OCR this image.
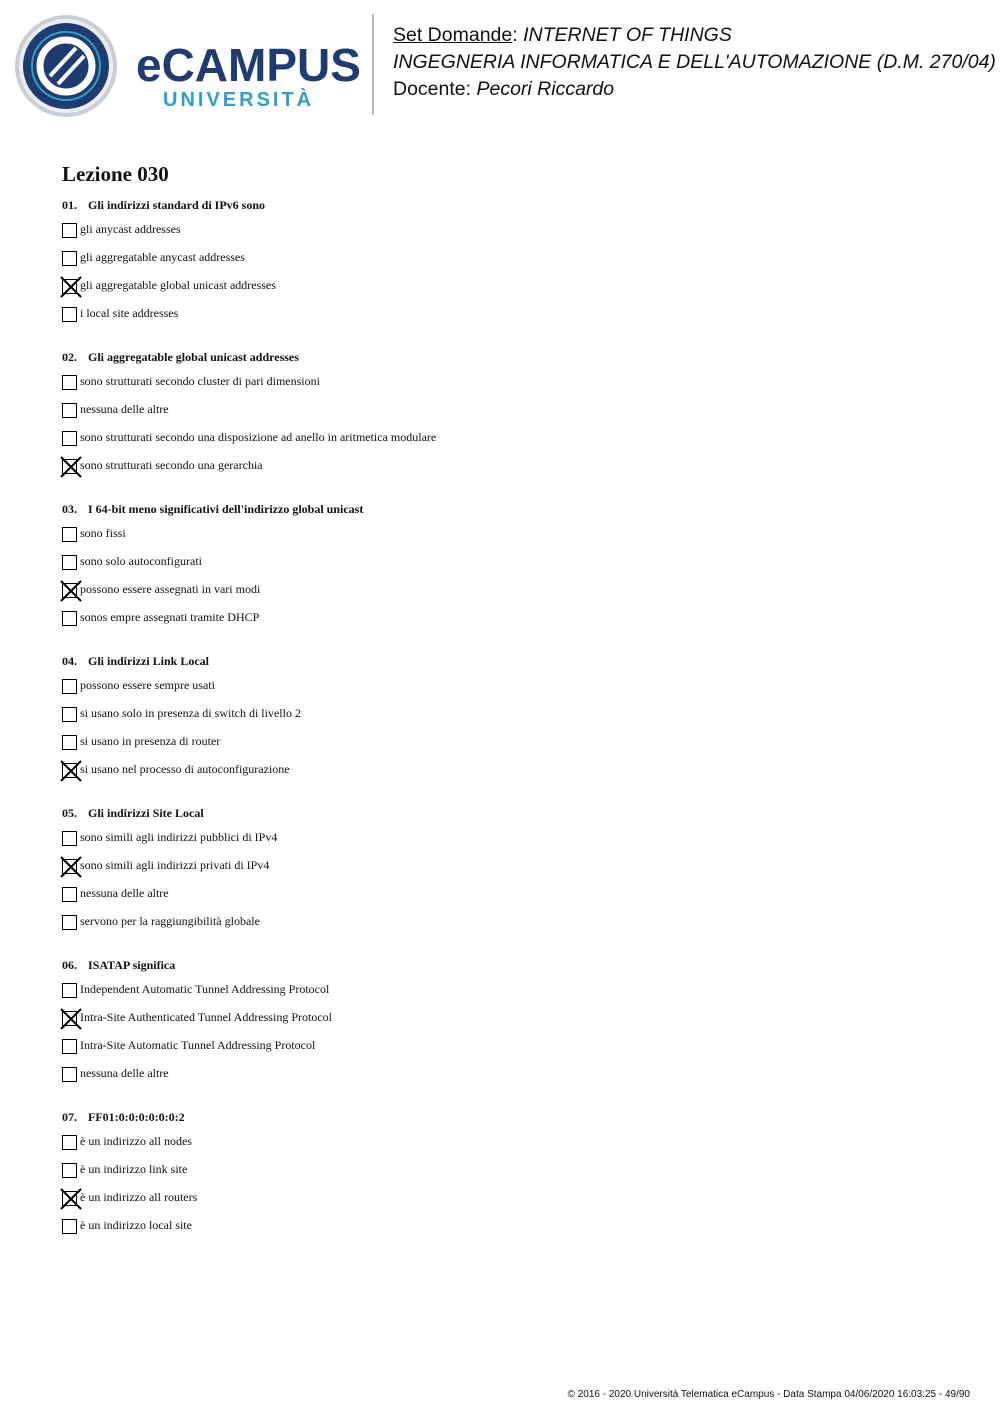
eCAMPUS
UNIVERSITÀ
Set Domande: INTERNET OF THINGS
INGEGNERIA INFORMATICA E DELL'AUTOMAZIONE (D.M. 270/04)
Docente: Pecori Riccardo
Lezione 030
01. Gli indirizzi standard di IPv6 sono
gli anycast addresses
gli aggregatable anycast addresses
gli aggregatable global unicast addresses
i local site addresses
02. Gli aggregatable global unicast addresses
sono strutturati secondo cluster di pari dimensioni
nessuna delle altre
sono strutturati secondo una disposizione ad anello in aritmetica modulare
sono strutturati secondo una gerarchia
03. I 64-bit meno significativi dell'indirizzo global unicast
sono fissi
sono solo autoconfigurati
possono essere assegnati in vari modi
sonos empre assegnati tramite DHCP
04. Gli indirizzi Link Local
possono essere sempre usati
si usano solo in presenza di switch di livello 2
si usano in presenza di router
si usano nel processo di autoconfigurazione
05. Gli indirizzi Site Local
sono simili agli indirizzi pubblici di IPv4
sono simili agli indirizzi privati di IPv4
nessuna delle altre
servono per la raggiungibilità globale
06. ISATAP significa
Independent Automatic Tunnel Addressing Protocol
Intra-Site Authenticated Tunnel Addressing Protocol
Intra-Site Automatic Tunnel Addressing Protocol
nessuna delle altre
07. FF01:0:0:0:0:0:0:2
è un indirizzo all nodes
è un indirizzo link site
è un indirizzo all routers
è un indirizzo local site
© 2016 - 2020 Università Telematica eCampus - Data Stampa 04/06/2020 16:03:25 - 49/90
